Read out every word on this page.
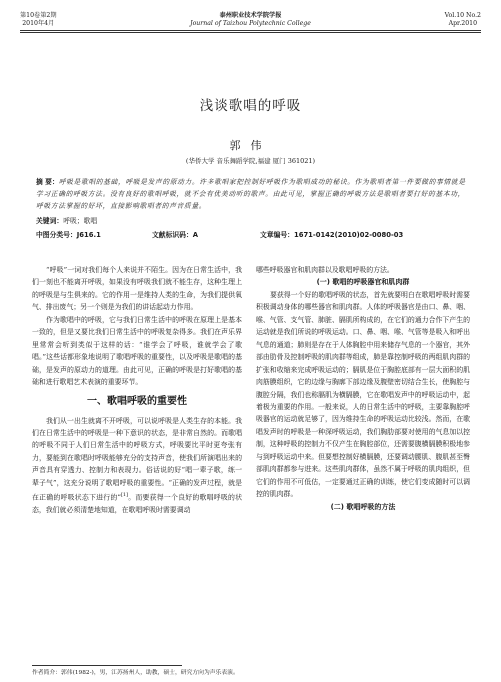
第10卷第2期
2010年4月
泰州职业技术学院学报
Journal of Taizhou Polytechnic College
Vol.10 No.2
Apr.2010
浅谈歌唱的呼吸
郭伟
(华侨大学 音乐舞蹈学院,福建 厦门 361021)
摘 要：呼吸是歌唱的基础，呼吸是发声的原动力。许多歌唱家把控制好呼吸作为歌唱成功的秘诀。作为歌唱者第一件要做的事情就是学习正确的呼吸方法。没有良好的歌唱呼吸，就不会有优美动听的歌声。由此可见，掌握正确的呼吸方法是歌唱者要打好的基本功，呼吸方法掌握的好坏，直接影响歌唱者的声音质量。
关键词：呼吸；歌唱
中图分类号：J616.1	文献标识码：A	文章编号：1671-0142(2010)02-0080-03

“呼吸”一词对我们每个人来说并不陌生。因为在日常生活中，我们一刻也不能离开呼吸，如果没有呼吸我们就不能生存，这种生理上的呼吸是与生俱来的。它的作用一是维持人类的生命，为我们提供氧气、排出废气；另一个则是为我们的讲话起动力作用。

作为歌唱中的呼吸，它与我们日常生活中的呼吸在原理上是基本一致的，但是又要比我们日常生活中的呼吸复杂得多。我们在声乐界里常常会听到类似于这样的话：“谁学会了呼吸，谁就学会了歌唱。”这些话都形象地说明了歌唱呼吸的重要性，以及呼吸是歌唱的基础，是发声的原动力的道理。由此可见，正确的呼吸是打好歌唱的基础和进行歌唱艺术表演的重要环节。

一、歌唱呼吸的重要性

我们从一出生就离不开呼吸，可以说呼吸是人类生存的本能。我们在日常生活中的呼吸是一种下意识的状态，是非常自然的。而歌唱的呼吸不同于人们日常生活中的呼吸方式，呼吸要比平时更夸张有力，要能到在歌唱时呼吸能够充分的支持声音，使我们所演唱出来的声音具有穿透力、控制力和表现力。俗话说的好“唱一辈子歌，练一辈子气”，这充分说明了歌唱呼吸的重要性。“正确的发声过程，就是在正确的呼吸状态下进行的”[1]。而要获得一个良好的歌唱呼吸的状态，我们就必须清楚地知道，在歌唱呼吸时需要调动

哪些呼吸器官和肌肉群以及歌唱呼吸的方法。

(一) 歌唱的呼吸器官和肌肉群

要获得一个好的歌唱呼吸的状态，首先就要明白在歌唱呼吸时需要积极调动身体的哪些器官和肌肉群。人体的呼吸器官是由口、鼻、咽、喉、气管、支气管、肺脏、膈肌所构成的，在它们的通力合作下产生的运动就是我们所说的呼吸运动。口、鼻、咽、喉、气管等是吸入和呼出气息的通道；肺则是存在于人体胸腔中用来储存气息的一个器官，其外部由肋骨及控制呼吸的肌肉群等组成，肺是靠控制呼吸的两组肌肉群的扩张和收缩来完成呼吸运动的；膈肌是位于胸腔底部有一层大面积的肌肉筋膜组织，它的边缘与胸廓下部边缘及腹壁密切结合生长，使胸腔与腹腔分隔，我们也称膈肌为横膈膜，它在歌唱发声中的呼吸运动中，起着极为重要的作用。一般来说，人的日常生活中的呼吸，主要靠胸腔呼吸器官的运动就足够了，因为维持生命的呼吸运动比较浅。然而，在歌唱发声时的呼吸是一种深呼吸运动，我们胸肋部要对使用的气息加以控制，这种呼吸的控制力不仅产生在胸腔部位，还需要腹横膈膜积极地参与到呼吸运动中来。但要想控制好横膈膜，还要调动腰肌、腹肌甚至臀部肌肉群都参与进来。这些肌肉群体，虽然不属于呼吸的肌肉组织，但它们的作用不可低估，一定要通过正确的训练，使它们变成随时可以调控的肌肉群。

(二) 歌唱呼吸的方法
作者简介：郭伟(1982-)，男，江苏扬州人，助教，硕士，研究方向为声乐表演。
